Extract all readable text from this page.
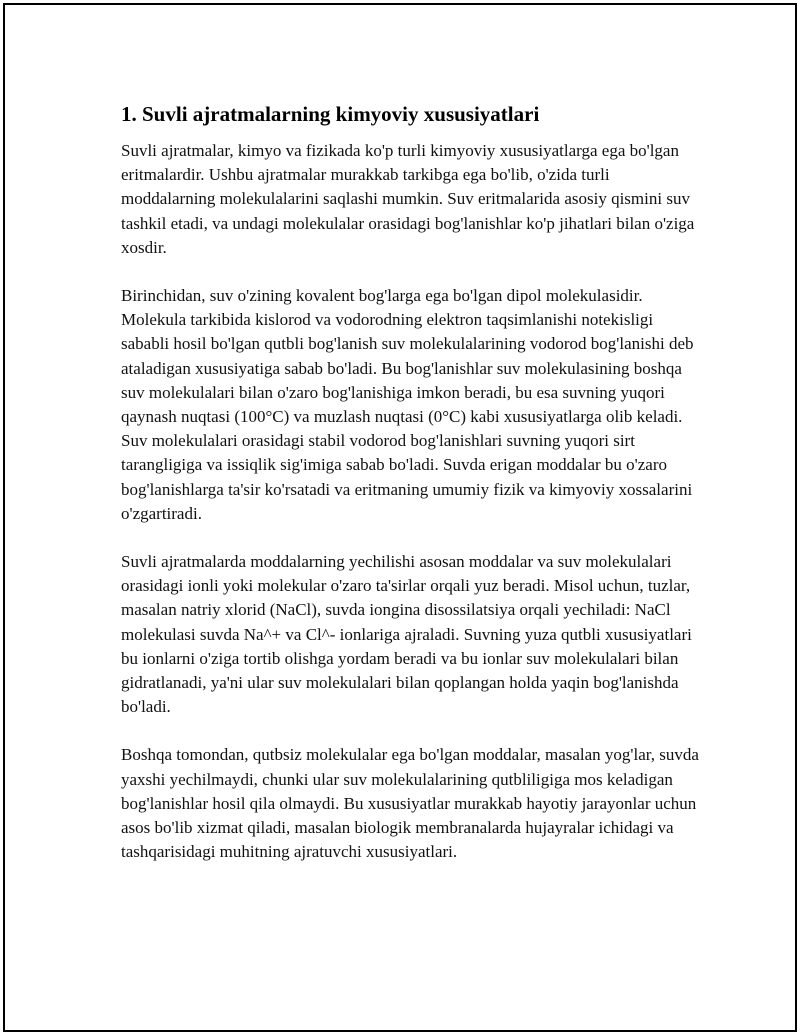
1. Suvli ajratmalarning kimyoviy xususiyatlari

Suvli ajratmalar, kimyo va fizikada ko'p turli kimyoviy xususiyatlarga ega bo'lgan eritmalardir. Ushbu ajratmalar murakkab tarkibga ega bo'lib, o'zida turli moddalarning molekulalarini saqlashi mumkin. Suv eritmalarida asosiy qismini suv tashkil etadi, va undagi molekulalar orasidagi bog'lanishlar ko'p jihatlari bilan o'ziga xosdir.

Birinchidan, suv o'zining kovalent bog'larga ega bo'lgan dipol molekulasidir. Molekula tarkibida kislorod va vodorodning elektron taqsimlanishi notekisligi sababli hosil bo'lgan qutbli bog'lanish suv molekulalarining vodorod bog'lanishi deb ataladigan xususiyatiga sabab bo'ladi. Bu bog'lanishlar suv molekulasining boshqa suv molekulalari bilan o'zaro bog'lanishiga imkon beradi, bu esa suvning yuqori qaynash nuqtasi (100°C) va muzlash nuqtasi (0°C) kabi xususiyatlarga olib keladi. Suv molekulalari orasidagi stabil vodorod bog'lanishlari suvning yuqori sirt tarangligiga va issiqlik sig'imiga sabab bo'ladi. Suvda erigan moddalar bu o'zaro bog'lanishlarga ta'sir ko'rsatadi va eritmaning umumiy fizik va kimyoviy xossalarini o'zgartiradi.

Suvli ajratmalarda moddalarning yechilishi asosan moddalar va suv molekulalari orasidagi ionli yoki molekular o'zaro ta'sirlar orqali yuz beradi. Misol uchun, tuzlar, masalan natriy xlorid (NaCl), suvda iongina disossilatsiya orqali yechiladi: NaCl molekulasi suvda Na^+ va Cl^- ionlariga ajraladi. Suvning yuza qutbli xususiyatlari bu ionlarni o'ziga tortib olishga yordam beradi va bu ionlar suv molekulalari bilan gidratlanadi, ya'ni ular suv molekulalari bilan qoplangan holda yaqin bog'lanishda bo'ladi.

Boshqa tomondan, qutbsiz molekulalar ega bo'lgan moddalar, masalan yog'lar, suvda yaxshi yechilmaydi, chunki ular suv molekulalarining qutbliligiga mos keladigan bog'lanishlar hosil qila olmaydi. Bu xususiyatlar murakkab hayotiy jarayonlar uchun asos bo'lib xizmat qiladi, masalan biologik membranalarda hujayralar ichidagi va tashqarisidagi muhitning ajratuvchi xususiyatlari.
